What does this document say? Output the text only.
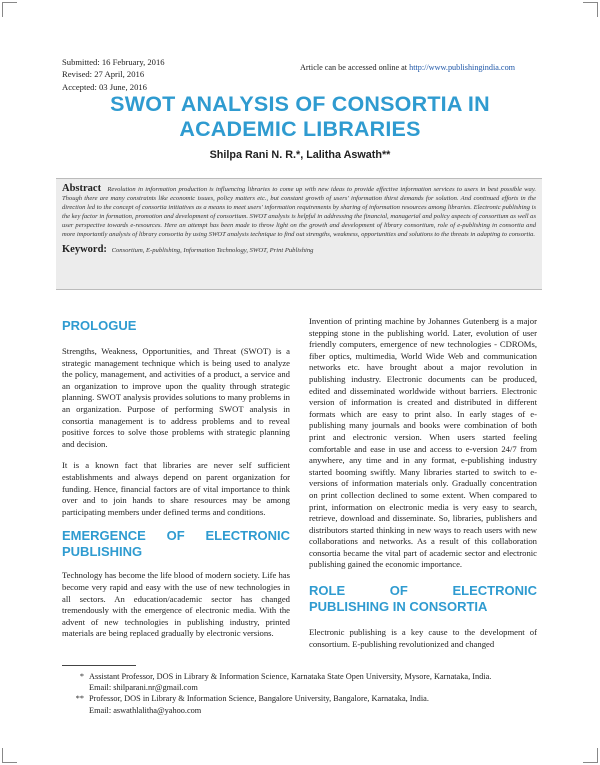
Submitted: 16 February, 2016
Revised: 27 April, 2016
Accepted: 03 June, 2016
Article can be accessed online at http://www.publishingindia.com
SWOT ANALYSIS OF CONSORTIA IN
ACADEMIC LIBRARIES
Shilpa Rani N. R.*, Lalitha Aswath**
Abstract Revolution in information production is influencing libraries to come up with new ideas to provide effective information services to users in best possible way. Though there are many constraints like economic issues, policy matters etc., but constant growth of users' information thirst demands for solution. And continued efforts in the direction led to the concept of consortia initiatives as a means to meet users' information requirements by sharing of information resources among libraries. Electronic publishing is the key factor in formation, promotion and development of consortium. SWOT analysis is helpful in addressing the financial, managerial and policy aspects of consortium as well as user perspective towards e-resources. Here an attempt has been made to throw light on the growth and development of library consortium, role of e-publishing in consortia and more importantly analysis of library consortia by using SWOT analysis technique to find out strengths, weakness, opportunities and solutions to the threats in adapting to consortia.
Keyword: Consortium, E-publishing, Information Technology, SWOT, Print Publishing
PROLOGUE

Strengths, Weakness, Opportunities, and Threat (SWOT) is a strategic management technique which is being used to analyze the policy, management, and activities of a product, a service and an organization to improve upon the quality through strategic planning. SWOT analysis provides solutions to many problems in an organization. Purpose of performing SWOT analysis in consortia management is to address problems and to reveal positive forces to solve those problems with strategic planning and decision.

It is a known fact that libraries are never self sufficient establishments and always depend on parent organization for funding. Hence, financial factors are of vital importance to think over and to join hands to share resources may be among participating members under defined terms and conditions.

EMERGENCE OF ELECTRONIC PUBLISHING

Technology has become the life blood of modern society. Life has become very rapid and easy with the use of new technologies in all sectors. An education/academic sector has changed tremendously with the emergence of electronic media. With the advent of new technologies in publishing industry, printed materials are being replaced gradually by electronic versions.

Invention of printing machine by Johannes Gutenberg is a major stepping stone in the publishing world. Later, evolution of user friendly computers, emergence of new technologies - CDROMs, fiber optics, multimedia, World Wide Web and communication networks etc. have brought about a major revolution in publishing industry. Electronic documents can be produced, edited and disseminated worldwide without barriers. Electronic version of information is created and distributed in different formats which are easy to print also. In early stages of e-publishing many journals and books were combination of both print and electronic version. When users started feeling comfortable and ease in use and access to e-version 24/7 from anywhere, any time and in any format, e-publishing industry started booming swiftly. Many libraries started to switch to e-versions of information materials only. Gradually concentration on print collection declined to some extent. When compared to print, information on electronic media is very easy to search, retrieve, download and disseminate. So, libraries, publishers and distributors started thinking in new ways to reach users with new collaborations and networks. As a result of this collaboration consortia became the vital part of academic sector and electronic publishing gained the economic importance.

ROLE OF ELECTRONIC PUBLISHING IN CONSORTIA

Electronic publishing is a key cause to the development of consortium. E-publishing revolutionized and changed

* Assistant Professor, DOS in Library & Information Science, Karnataka State Open University, Mysore, Karnataka, India.
Email: shilparani.nr@gmail.com
** Professor, DOS in Library & Information Science, Bangalore University, Bangalore, Karnataka, India.
Email: aswathlalitha@yahoo.com
